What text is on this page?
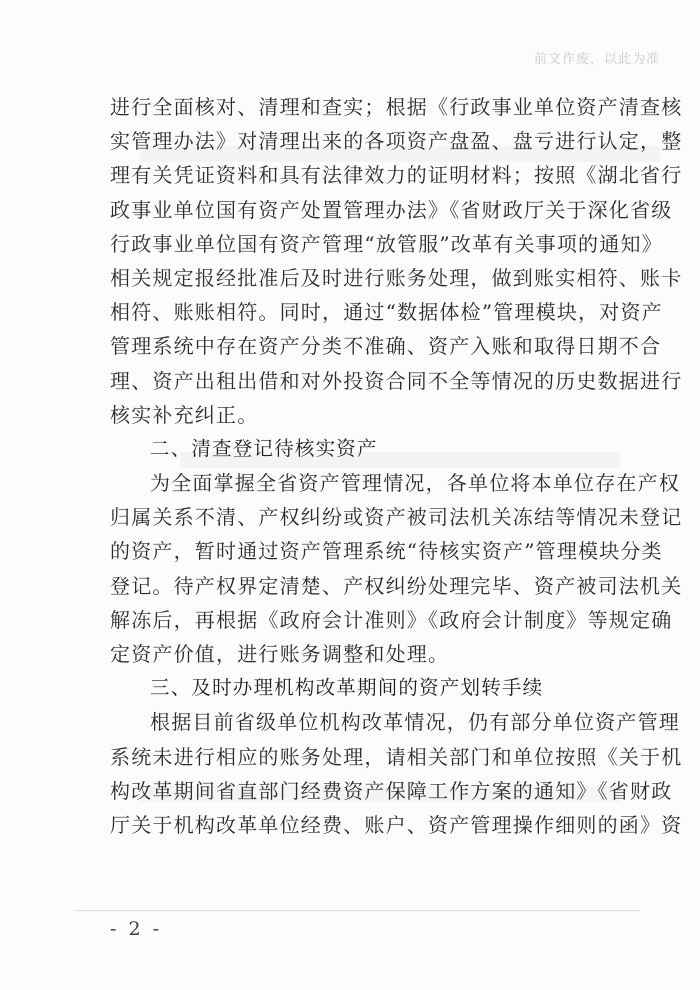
前文作废，以此为准
进行全面核对、清理和查实；根据《行政事业单位资产清查核
实管理办法》对清理出来的各项资产盘盈、盘亏进行认定，整
理有关凭证资料和具有法律效力的证明材料；按照《湖北省行
政事业单位国有资产处置管理办法》《省财政厅关于深化省级
行政事业单位国有资产管理“放管服”改革有关事项的通知》
相关规定报经批准后及时进行账务处理，做到账实相符、账卡
相符、账账相符。同时，通过“数据体检”管理模块，对资产
管理系统中存在资产分类不准确、资产入账和取得日期不合
理、资产出租出借和对外投资合同不全等情况的历史数据进行
核实补充纠正。
二、清查登记待核实资产
为全面掌握全省资产管理情况，各单位将本单位存在产权
归属关系不清、产权纠纷或资产被司法机关冻结等情况未登记
的资产，暂时通过资产管理系统“待核实资产”管理模块分类
登记。待产权界定清楚、产权纠纷处理完毕、资产被司法机关
解冻后，再根据《政府会计准则》《政府会计制度》等规定确
定资产价值，进行账务调整和处理。
三、及时办理机构改革期间的资产划转手续
根据目前省级单位机构改革情况，仍有部分单位资产管理
系统未进行相应的账务处理，请相关部门和单位按照《关于机
构改革期间省直部门经费资产保障工作方案的通知》《省财政
厅关于机构改革单位经费、账户、资产管理操作细则的函》资
- 2 -
